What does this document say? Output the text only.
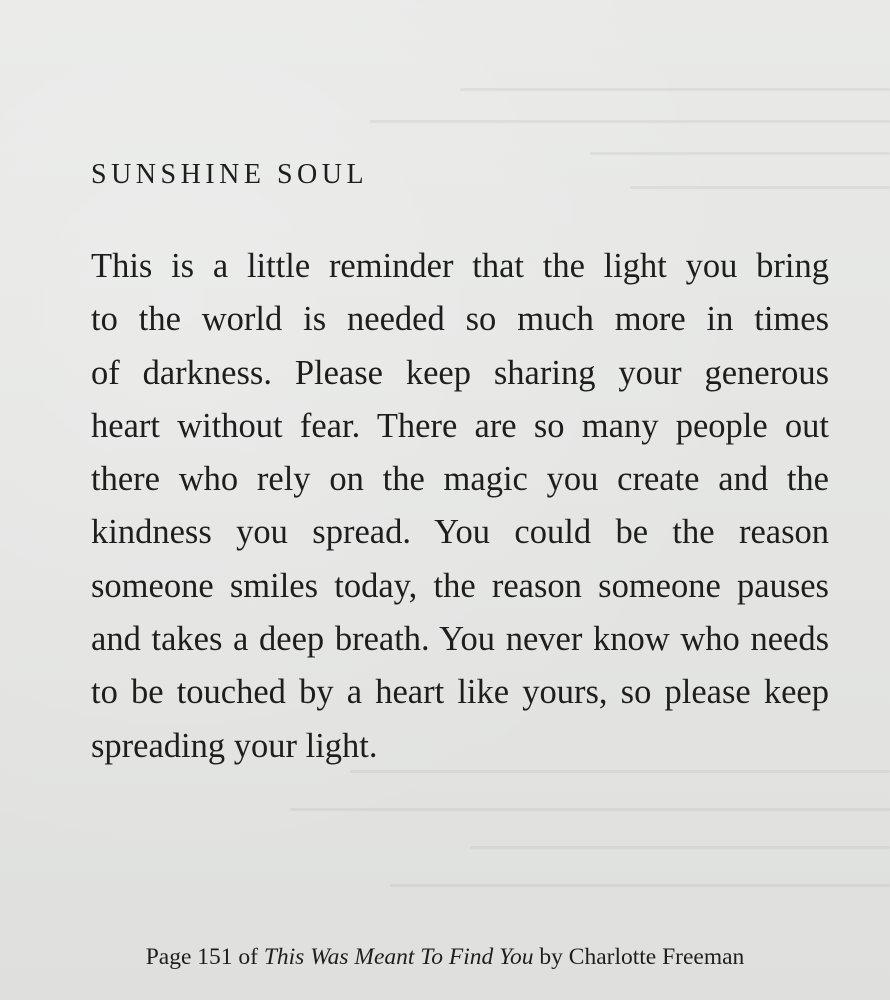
SUNSHINE SOUL
This is a little reminder that the light you bring
to the world is needed so much more in times
of darkness. Please keep sharing your generous
heart without fear. There are so many people out
there who rely on the magic you create and the
kindness you spread. You could be the reason
someone smiles today, the reason someone pauses
and takes a deep breath. You never know who needs
to be touched by a heart like yours, so please keep
spreading your light.
Page 151 of This Was Meant To Find You by Charlotte Freeman
